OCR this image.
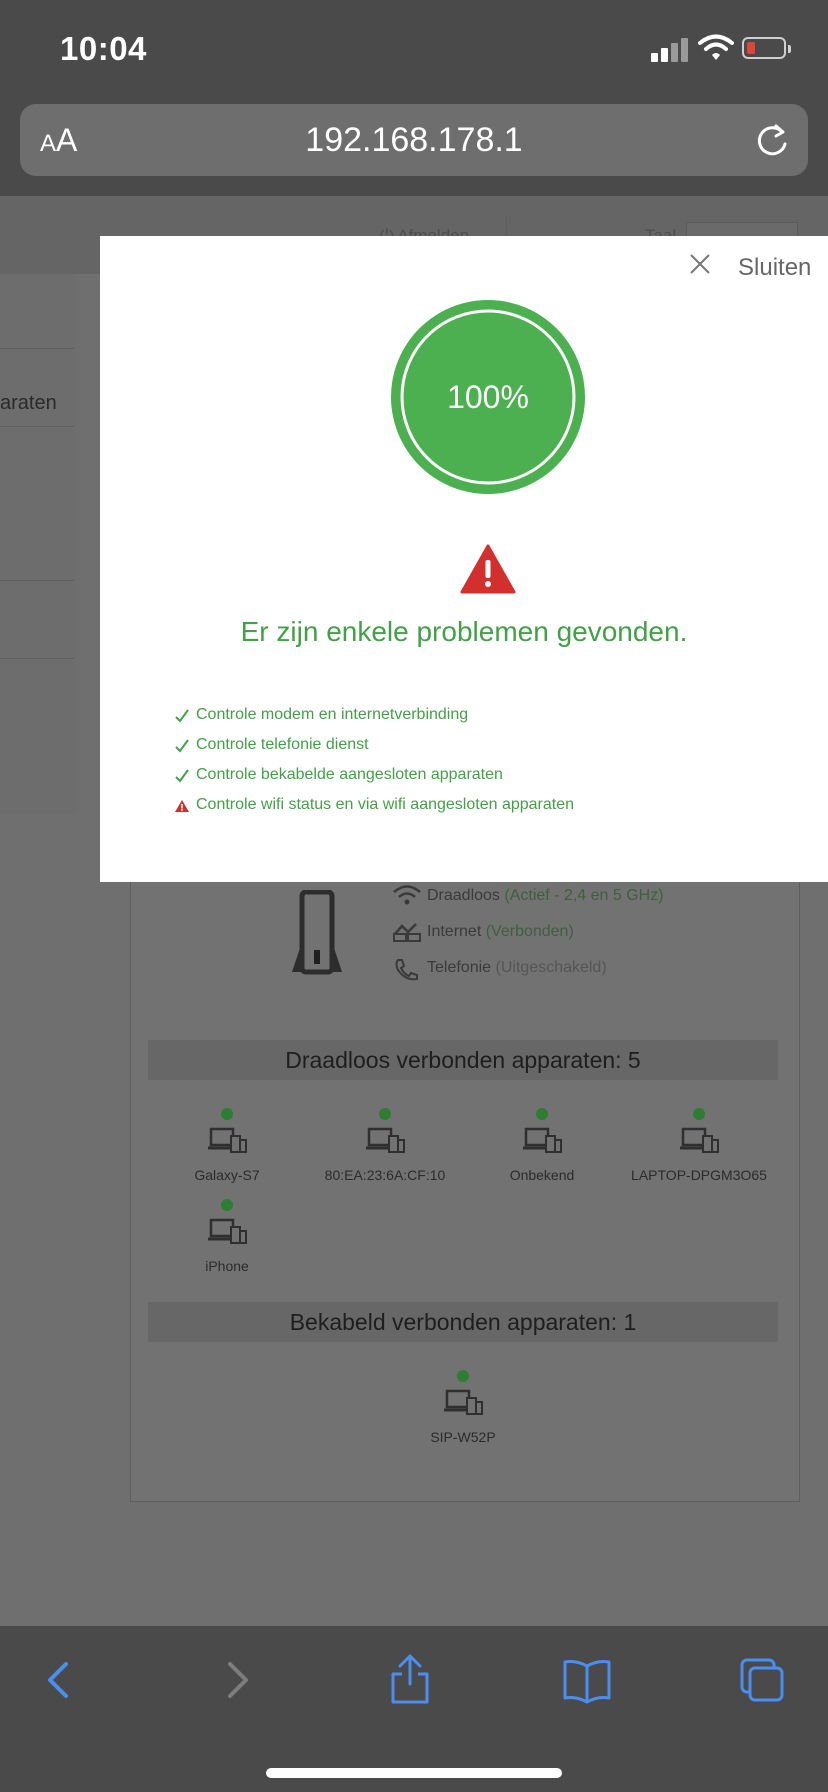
10:04
AA	192.168.178.1
araten
Draadloos (Actief - 2,4 en 5 GHz)
Internet (Verbonden)
Telefonie (Uitgeschakeld)
Draadloos verbonden apparaten: 5
Galaxy-S7	80:EA:23:6A:CF:10	Onbekend	LAPTOP-DPGM3O65
iPhone
Bekabeld verbonden apparaten: 1
SIP-W52P
Sluiten
100%
Er zijn enkele problemen gevonden.
Controle modem en internetverbinding
Controle telefonie dienst
Controle bekabelde aangesloten apparaten
Controle wifi status en via wifi aangesloten apparaten
